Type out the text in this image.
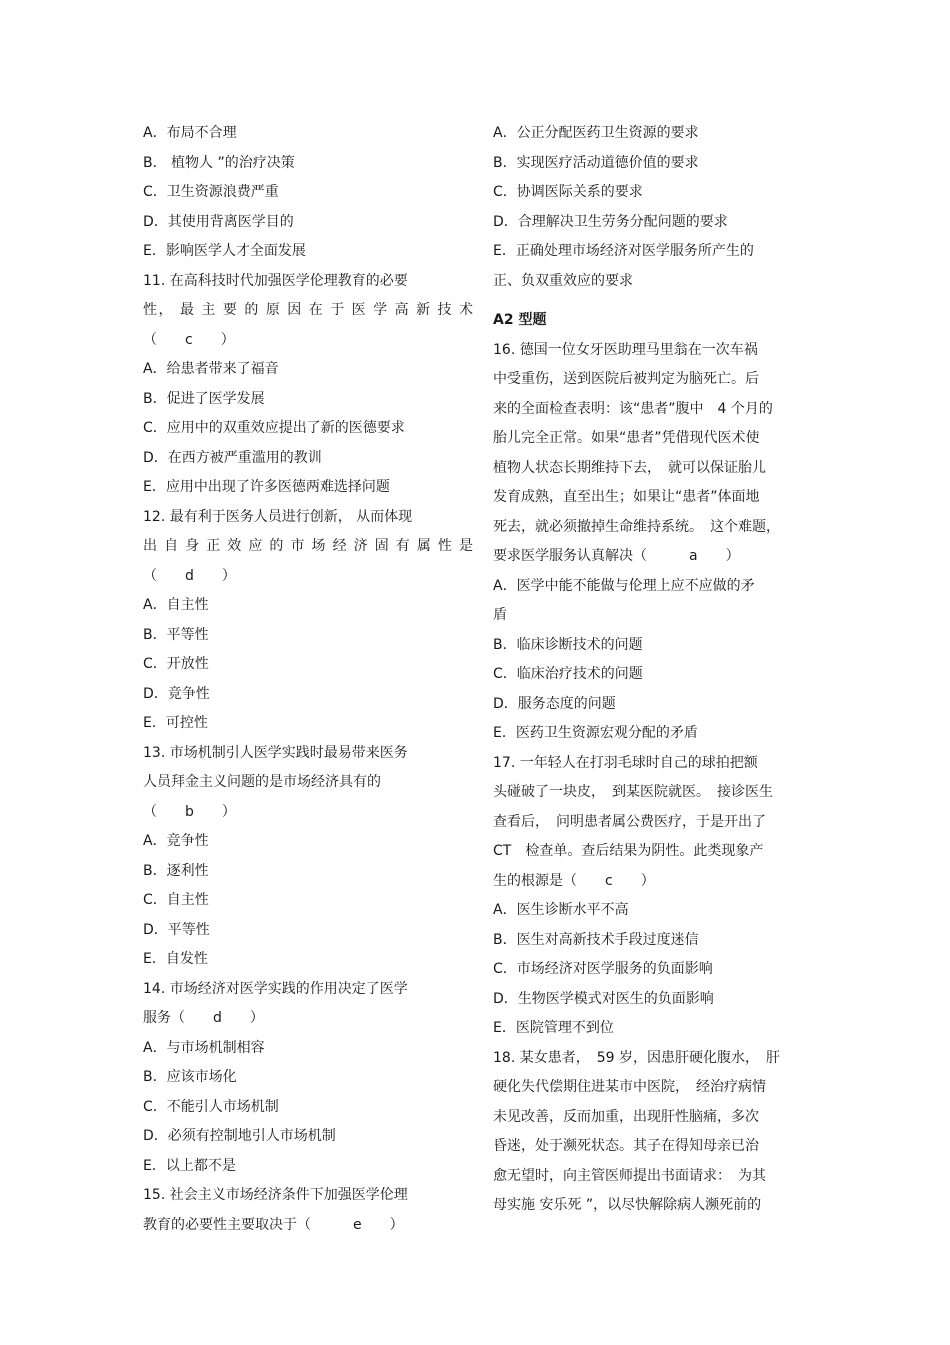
A．布局不合理
B． 植物人 ”的治疗决策
C．卫生资源浪费严重
D．其使用背离医学目的
E．影响医学人才全面发展
11. 在高科技时代加强医学伦理教育的必要
性， 最 主 要 的 原 因 在 于 医 学 高 新 技 术
（　　c　　）
A．给患者带来了福音
B．促进了医学发展
C．应用中的双重效应提出了新的医德要求
D．在西方被严重滥用的教训
E．应用中出现了许多医德两难选择问题
12. 最有利于医务人员进行创新， 从而体现
出 自 身 正 效 应 的 市 场 经 济 固 有 属 性 是
（　　d　　）
A．自主性
B．平等性
C．开放性
D．竞争性
E．可控性
13. 市场机制引人医学实践时最易带来医务
人员拜金主义问题的是市场经济具有的
（　　b　　）
A．竞争性
B．逐利性
C．自主性
D．平等性
E．自发性
14. 市场经济对医学实践的作用决定了医学
服务（　　d　　）
A．与市场机制相容
B．应该市场化
C．不能引人市场机制
D．必须有控制地引人市场机制
E．以上都不是
15. 社会主义市场经济条件下加强医学伦理
教育的必要性主要取决于（　　　e　　）
A．公正分配医药卫生资源的要求
B．实现医疗活动道德价值的要求
C．协调医际关系的要求
D．合理解决卫生劳务分配问题的要求
E．正确处理市场经济对医学服务所产生的
正、负双重效应的要求
A2 型题
16. 德国一位女牙医助理马里翁在一次车祸
中受重伤，送到医院后被判定为脑死亡。后
来的全面检查表明：该“患者”腹中　4 个月的
胎儿完全正常。如果“患者”凭借现代医术使
植物人状态长期维持下去，　就可以保证胎儿
发育成熟，直至出生；如果让“患者”体面地
死去，就必须撤掉生命维持系统。　这个难题，
要求医学服务认真解决（　　　a　　）
A．医学中能不能做与伦理上应不应做的矛
盾
B．临床诊断技术的问题
C．临床治疗技术的问题
D．服务态度的问题
E．医药卫生资源宏观分配的矛盾
17. 一年轻人在打羽毛球时自己的球拍把额
头碰破了一块皮，　到某医院就医。　接诊医生
查看后，　问明患者属公费医疗，于是开出了
CT　检查单。查后结果为阴性。此类现象产
生的根源是（　　c　　）
A．医生诊断水平不高
B．医生对高新技术手段过度迷信
C．市场经济对医学服务的负面影响
D．生物医学模式对医生的负面影响
E．医院管理不到位
18. 某女患者，　59 岁，因患肝硬化腹水，　肝
硬化失代偿期住进某市中医院，　经治疗病情
未见改善，反而加重，出现肝性脑痛，多次
昏迷，处于濒死状态。其子在得知母亲已治
愈无望时，向主管医师提出书面请求：　为其
母实施 安乐死 ”，以尽快解除病人濒死前的
